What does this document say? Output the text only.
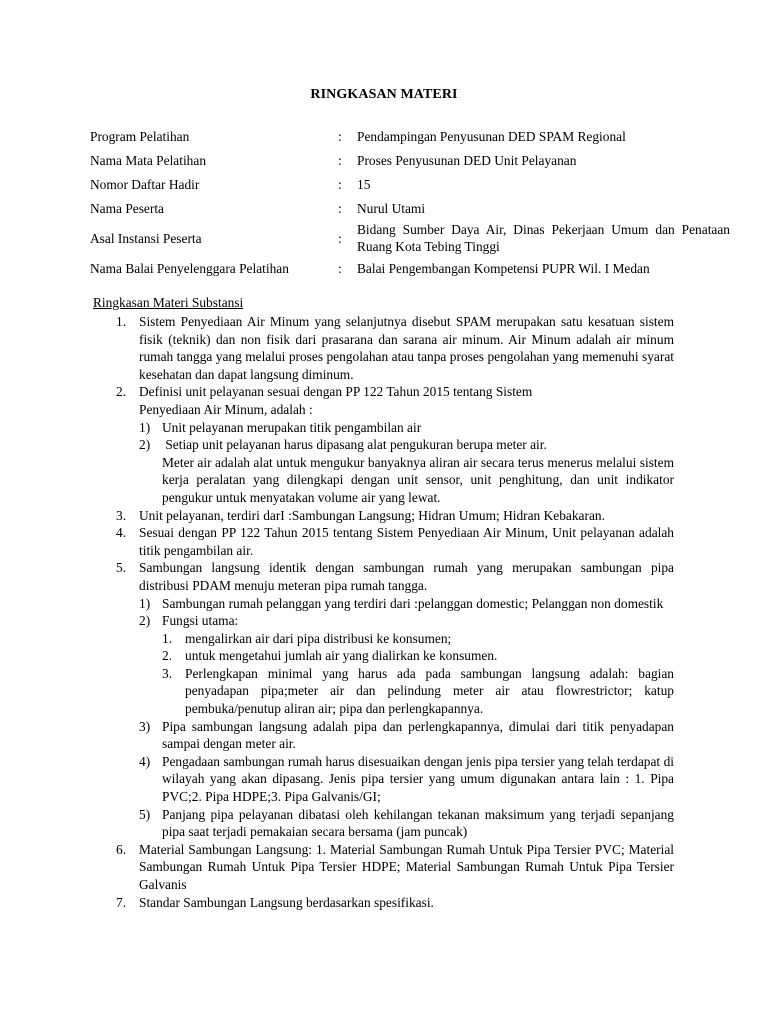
RINGKASAN MATERI
Program Pelatihan	:	Pendampingan Penyusunan DED SPAM Regional
Nama Mata Pelatihan	:	Proses Penyusunan DED Unit Pelayanan
Nomor Daftar Hadir	:	15
Nama Peserta	:	Nurul Utami
Asal Instansi Peserta	:	Bidang Sumber Daya Air, Dinas Pekerjaan Umum dan Penataan Ruang Kota Tebing Tinggi
Nama Balai Penyelenggara Pelatihan	:	Balai Pengembangan Kompetensi PUPR Wil. I Medan
Ringkasan Materi Substansi
1. Sistem Penyediaan Air Minum yang selanjutnya disebut SPAM merupakan satu kesatuan sistem fisik (teknik) dan non fisik dari prasarana dan sarana air minum. Air Minum adalah air minum rumah tangga yang melalui proses pengolahan atau tanpa proses pengolahan yang memenuhi syarat kesehatan dan dapat langsung diminum.
2. Definisi unit pelayanan sesuai dengan PP 122 Tahun 2015 tentang Sistem
Penyediaan Air Minum, adalah :
1) Unit pelayanan merupakan titik pengambilan air
2) Setiap unit pelayanan harus dipasang alat pengukuran berupa meter air.
Meter air adalah alat untuk mengukur banyaknya aliran air secara terus menerus melalui sistem kerja peralatan yang dilengkapi dengan unit sensor, unit penghitung, dan unit indikator pengukur untuk menyatakan volume air yang lewat.
3. Unit pelayanan, terdiri darI :Sambungan Langsung; Hidran Umum; Hidran Kebakaran.
4. Sesuai dengan PP 122 Tahun 2015 tentang Sistem Penyediaan Air Minum, Unit pelayanan adalah titik pengambilan air.
5. Sambungan langsung identik dengan sambungan rumah yang merupakan sambungan pipa distribusi PDAM menuju meteran pipa rumah tangga.
1) Sambungan rumah pelanggan yang terdiri dari :pelanggan domestic; Pelanggan non domestik
2) Fungsi utama:
1. mengalirkan air dari pipa distribusi ke konsumen;
2. untuk mengetahui jumlah air yang dialirkan ke konsumen.
3. Perlengkapan minimal yang harus ada pada sambungan langsung adalah: bagian penyadapan pipa;meter air dan pelindung meter air atau flowrestrictor; katup pembuka/penutup aliran air; pipa dan perlengkapannya.
3) Pipa sambungan langsung adalah pipa dan perlengkapannya, dimulai dari titik penyadapan sampai dengan meter air.
4) Pengadaan sambungan rumah harus disesuaikan dengan jenis pipa tersier yang telah terdapat di wilayah yang akan dipasang. Jenis pipa tersier yang umum digunakan antara lain : 1. Pipa PVC;2. Pipa HDPE;3. Pipa Galvanis/GI;
5) Panjang pipa pelayanan dibatasi oleh kehilangan tekanan maksimum yang terjadi sepanjang pipa saat terjadi pemakaian secara bersama (jam puncak)
6. Material Sambungan Langsung: 1. Material Sambungan Rumah Untuk Pipa Tersier PVC; Material Sambungan Rumah Untuk Pipa Tersier HDPE; Material Sambungan Rumah Untuk Pipa Tersier Galvanis
7. Standar Sambungan Langsung berdasarkan spesifikasi.
